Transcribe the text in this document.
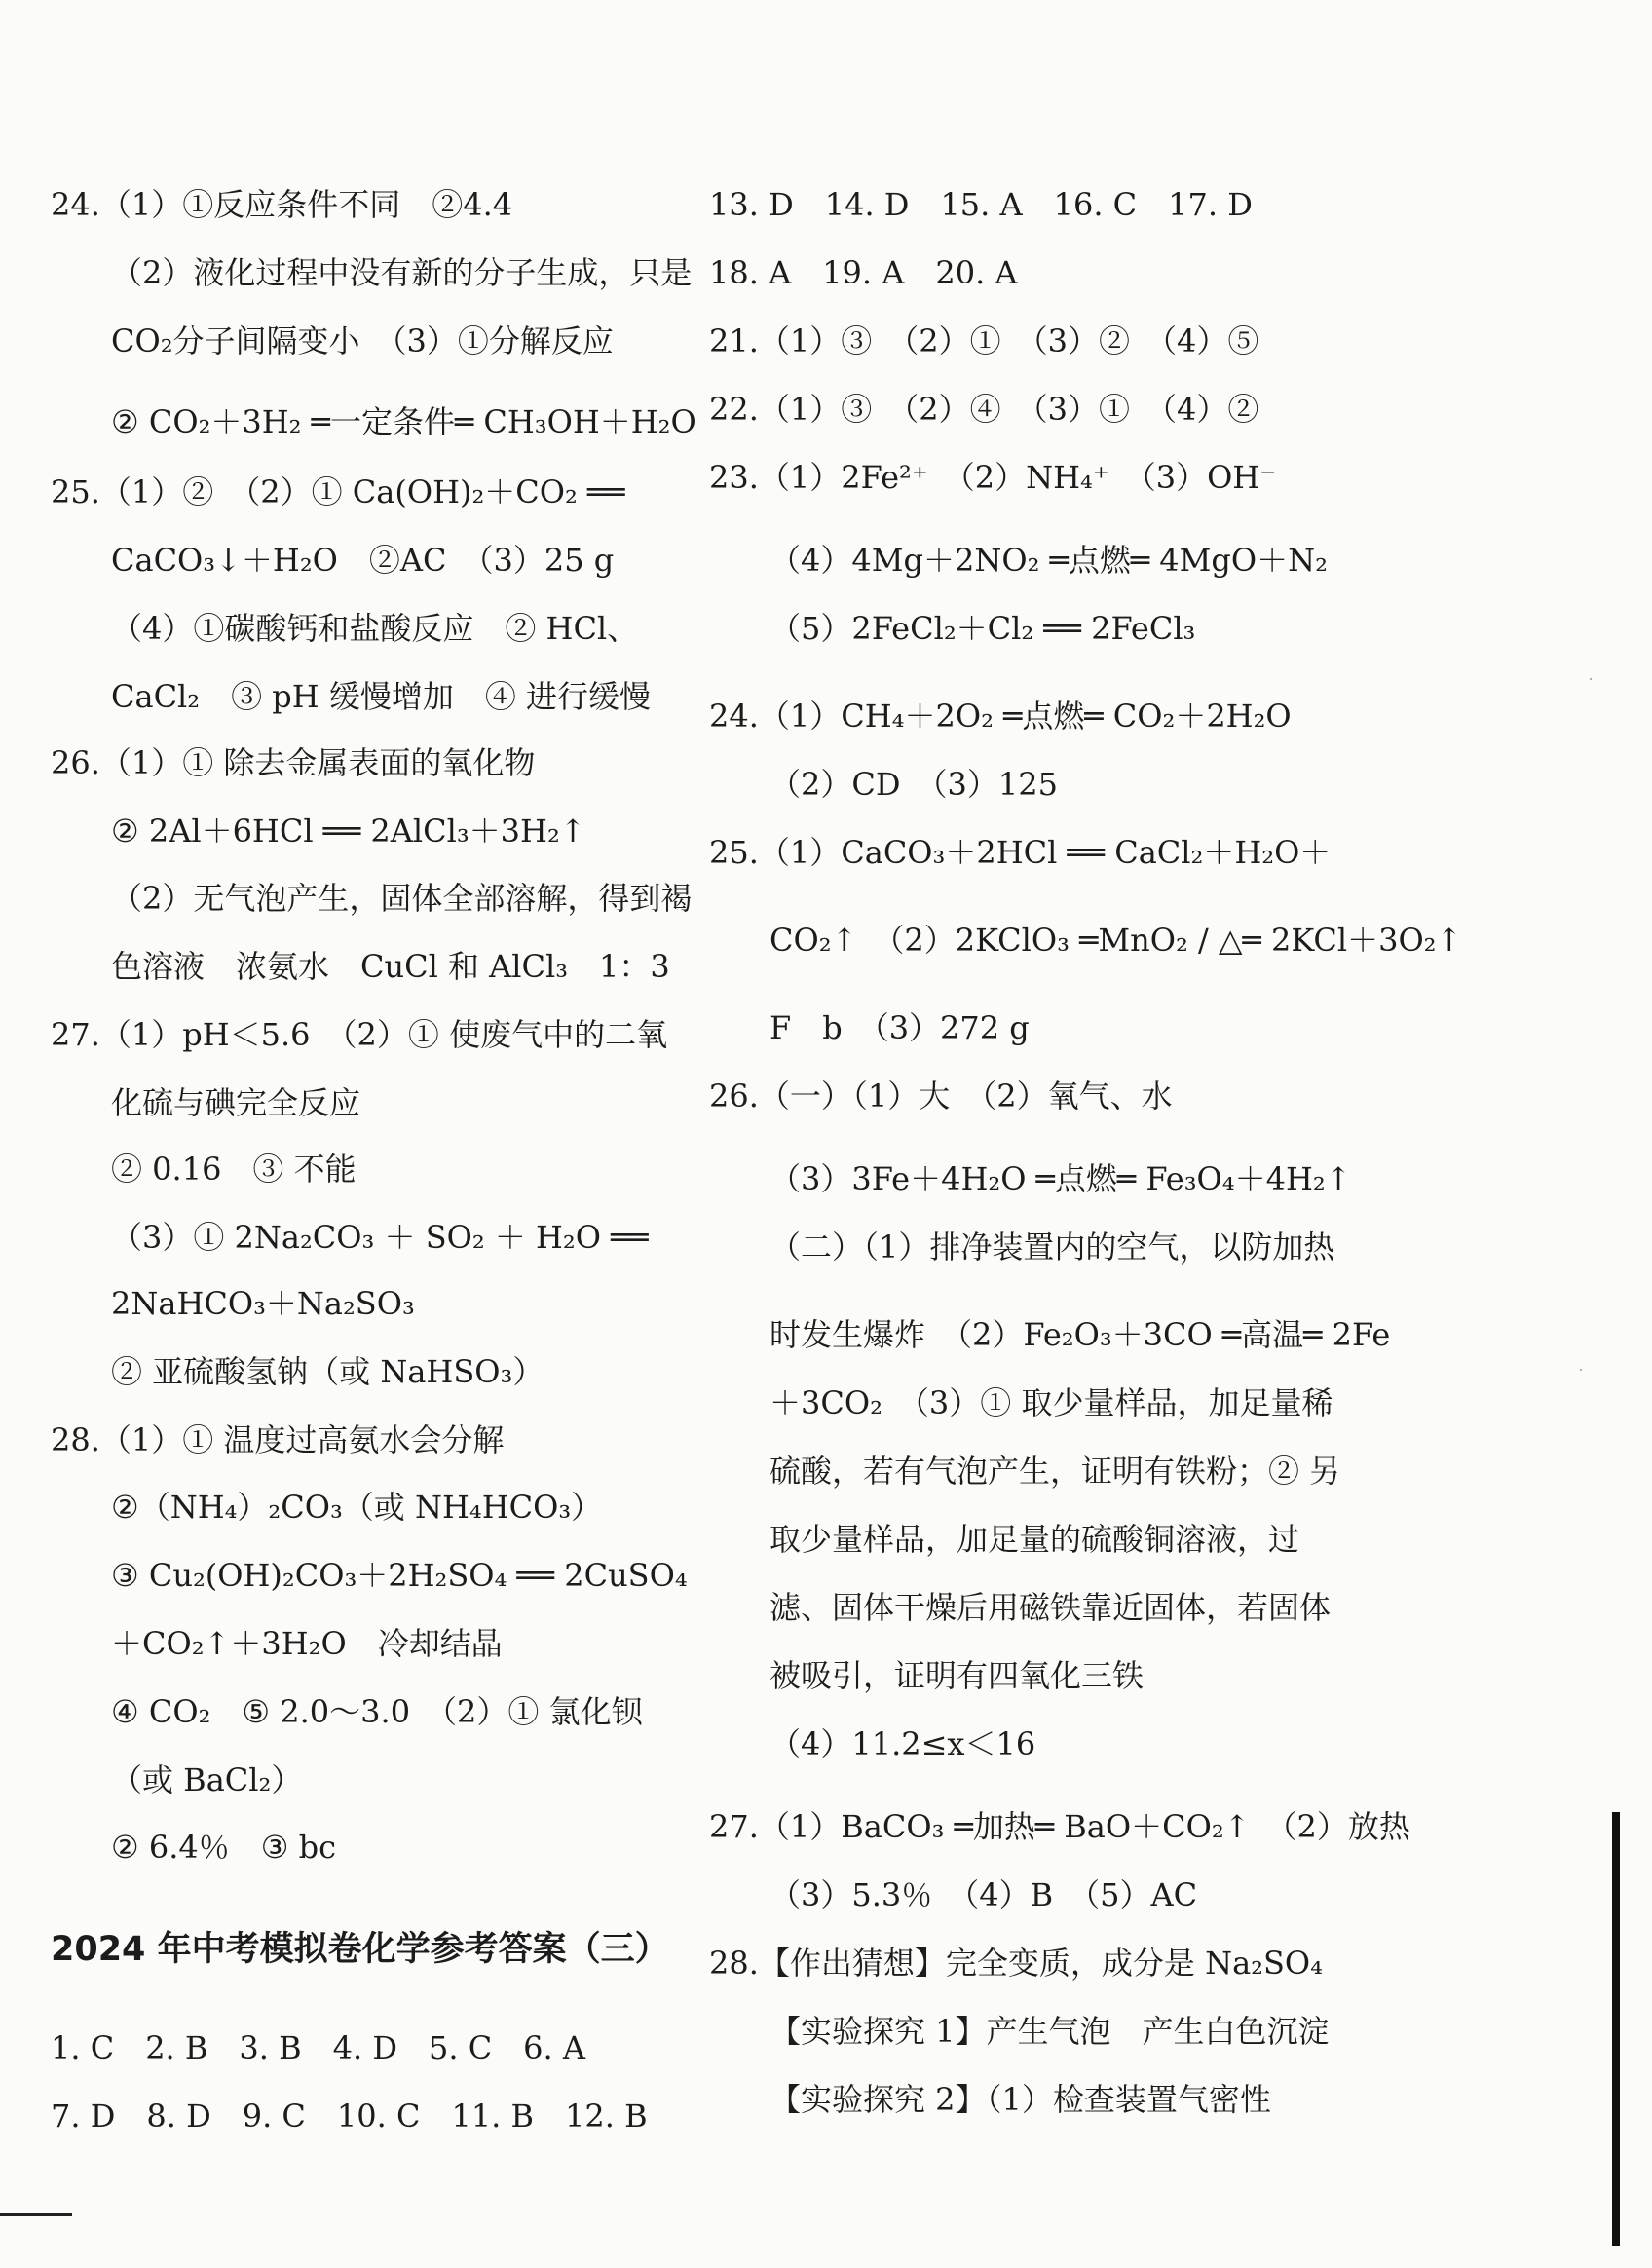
24.（1）①反应条件不同　②4.4
（2）液化过程中没有新的分子生成，只是
CO₂分子间隔变小　（3）①分解反应
② CO₂＋3H₂ ═一定条件═ CH₃OH＋H₂O
25.（1）②　（2）① Ca(OH)₂＋CO₂ ══
CaCO₃↓＋H₂O　②AC　（3）25 g
（4）①碳酸钙和盐酸反应　② HCl、
CaCl₂　③ pH 缓慢增加　④ 进行缓慢
26.（1）① 除去金属表面的氧化物
② 2Al＋6HCl ══ 2AlCl₃＋3H₂↑
（2）无气泡产生，固体全部溶解，得到褐
色溶液　浓氨水　CuCl 和 AlCl₃　1：3
27.（1）pH＜5.6　（2）① 使废气中的二氧
化硫与碘完全反应
② 0.16　③ 不能
（3）① 2Na₂CO₃ ＋ SO₂ ＋ H₂O ══
2NaHCO₃＋Na₂SO₃
② 亚硫酸氢钠（或 NaHSO₃）
28.（1）① 温度过高氨水会分解
②（NH₄）₂CO₃（或 NH₄HCO₃）
③ Cu₂(OH)₂CO₃＋2H₂SO₄ ══ 2CuSO₄
＋CO₂↑＋3H₂O　冷却结晶
④ CO₂　⑤ 2.0～3.0　（2）① 氯化钡
（或 BaCl₂）
② 6.4％　③ bc
2024 年中考模拟卷化学参考答案（三）
1. C　2. B　3. B　4. D　5. C　6. A
7. D　8. D　9. C　10. C　11. B　12. B
13. D　14. D　15. A　16. C　17. D
18. A　19. A　20. A
21.（1）③　（2）①　（3）②　（4）⑤
22.（1）③　（2）④　（3）①　（4）②
23.（1）2Fe²⁺　（2）NH₄⁺　（3）OH⁻
（4）4Mg＋2NO₂ ═点燃═ 4MgO＋N₂
（5）2FeCl₂＋Cl₂ ══ 2FeCl₃
24.（1）CH₄＋2O₂ ═点燃═ CO₂＋2H₂O
（2）CD　（3）125
25.（1）CaCO₃＋2HCl ══ CaCl₂＋H₂O＋
CO₂↑　（2）2KClO₃ ═MnO₂ / △═ 2KCl＋3O₂↑
F　b　（3）272 g
26.（一）（1）大　（2）氧气、水
（3）3Fe＋4H₂O ═点燃═ Fe₃O₄＋4H₂↑
（二）（1）排净装置内的空气，以防加热
时发生爆炸　（2）Fe₂O₃＋3CO ═高温═ 2Fe
＋3CO₂　（3）① 取少量样品，加足量稀
硫酸，若有气泡产生，证明有铁粉；② 另
取少量样品，加足量的硫酸铜溶液，过
滤、固体干燥后用磁铁靠近固体，若固体
被吸引，证明有四氧化三铁
（4）11.2≤x＜16
27.（1）BaCO₃ ═加热═ BaO＋CO₂↑　（2）放热
（3）5.3％　（4）B　（5）AC
28.【作出猜想】完全变质，成分是 Na₂SO₄
【实验探究 1】产生气泡　产生白色沉淀
【实验探究 2】（1）检查装置气密性
